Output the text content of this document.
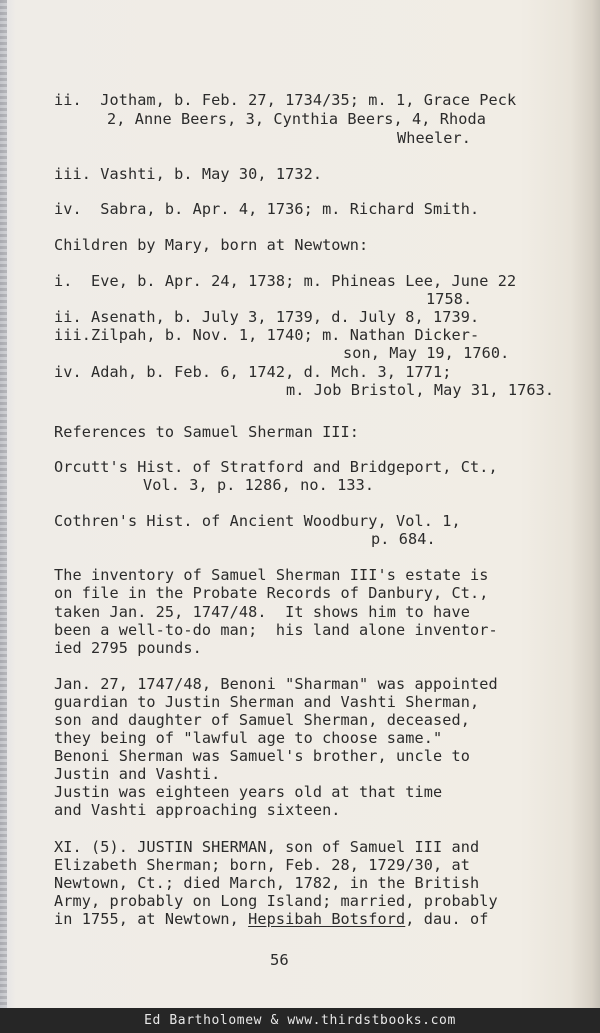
ii.  Jotham, b. Feb. 27, 1734/35; m. 1, Grace Peck

2, Anne Beers, 3, Cynthia Beers, 4, Rhoda

Wheeler.

iii. Vashti, b. May 30, 1732.

iv.  Sabra, b. Apr. 4, 1736; m. Richard Smith.

Children by Mary, born at Newtown:

i.  Eve, b. Apr. 24, 1738; m. Phineas Lee, June 22

1758.

ii. Asenath, b. July 3, 1739, d. July 8, 1739.

iii.Zilpah, b. Nov. 1, 1740; m. Nathan Dicker-

son, May 19, 1760.

iv. Adah, b. Feb. 6, 1742, d. Mch. 3, 1771;

m. Job Bristol, May 31, 1763.

References to Samuel Sherman III:

Orcutt's Hist. of Stratford and Bridgeport, Ct.,

Vol. 3, p. 1286, no. 133.

Cothren's Hist. of Ancient Woodbury, Vol. 1,

p. 684.

The inventory of Samuel Sherman III's estate is

on file in the Probate Records of Danbury, Ct.,

taken Jan. 25, 1747/48.  It shows him to have

been a well-to-do man;  his land alone inventor-

ied 2795 pounds.

Jan. 27, 1747/48, Benoni "Sharman" was appointed

guardian to Justin Sherman and Vashti Sherman,

son and daughter of Samuel Sherman, deceased,

they being of "lawful age to choose same."

Benoni Sherman was Samuel's brother, uncle to

Justin and Vashti.

Justin was eighteen years old at that time

and Vashti approaching sixteen.

XI. (5). JUSTIN SHERMAN, son of Samuel III and

Elizabeth Sherman; born, Feb. 28, 1729/30, at

Newtown, Ct.; died March, 1782, in the British

Army, probably on Long Island; married, probably

in 1755, at Newtown, Hepsibah Botsford, dau. of

56
Ed Bartholomew & www.thirdstbooks.com
